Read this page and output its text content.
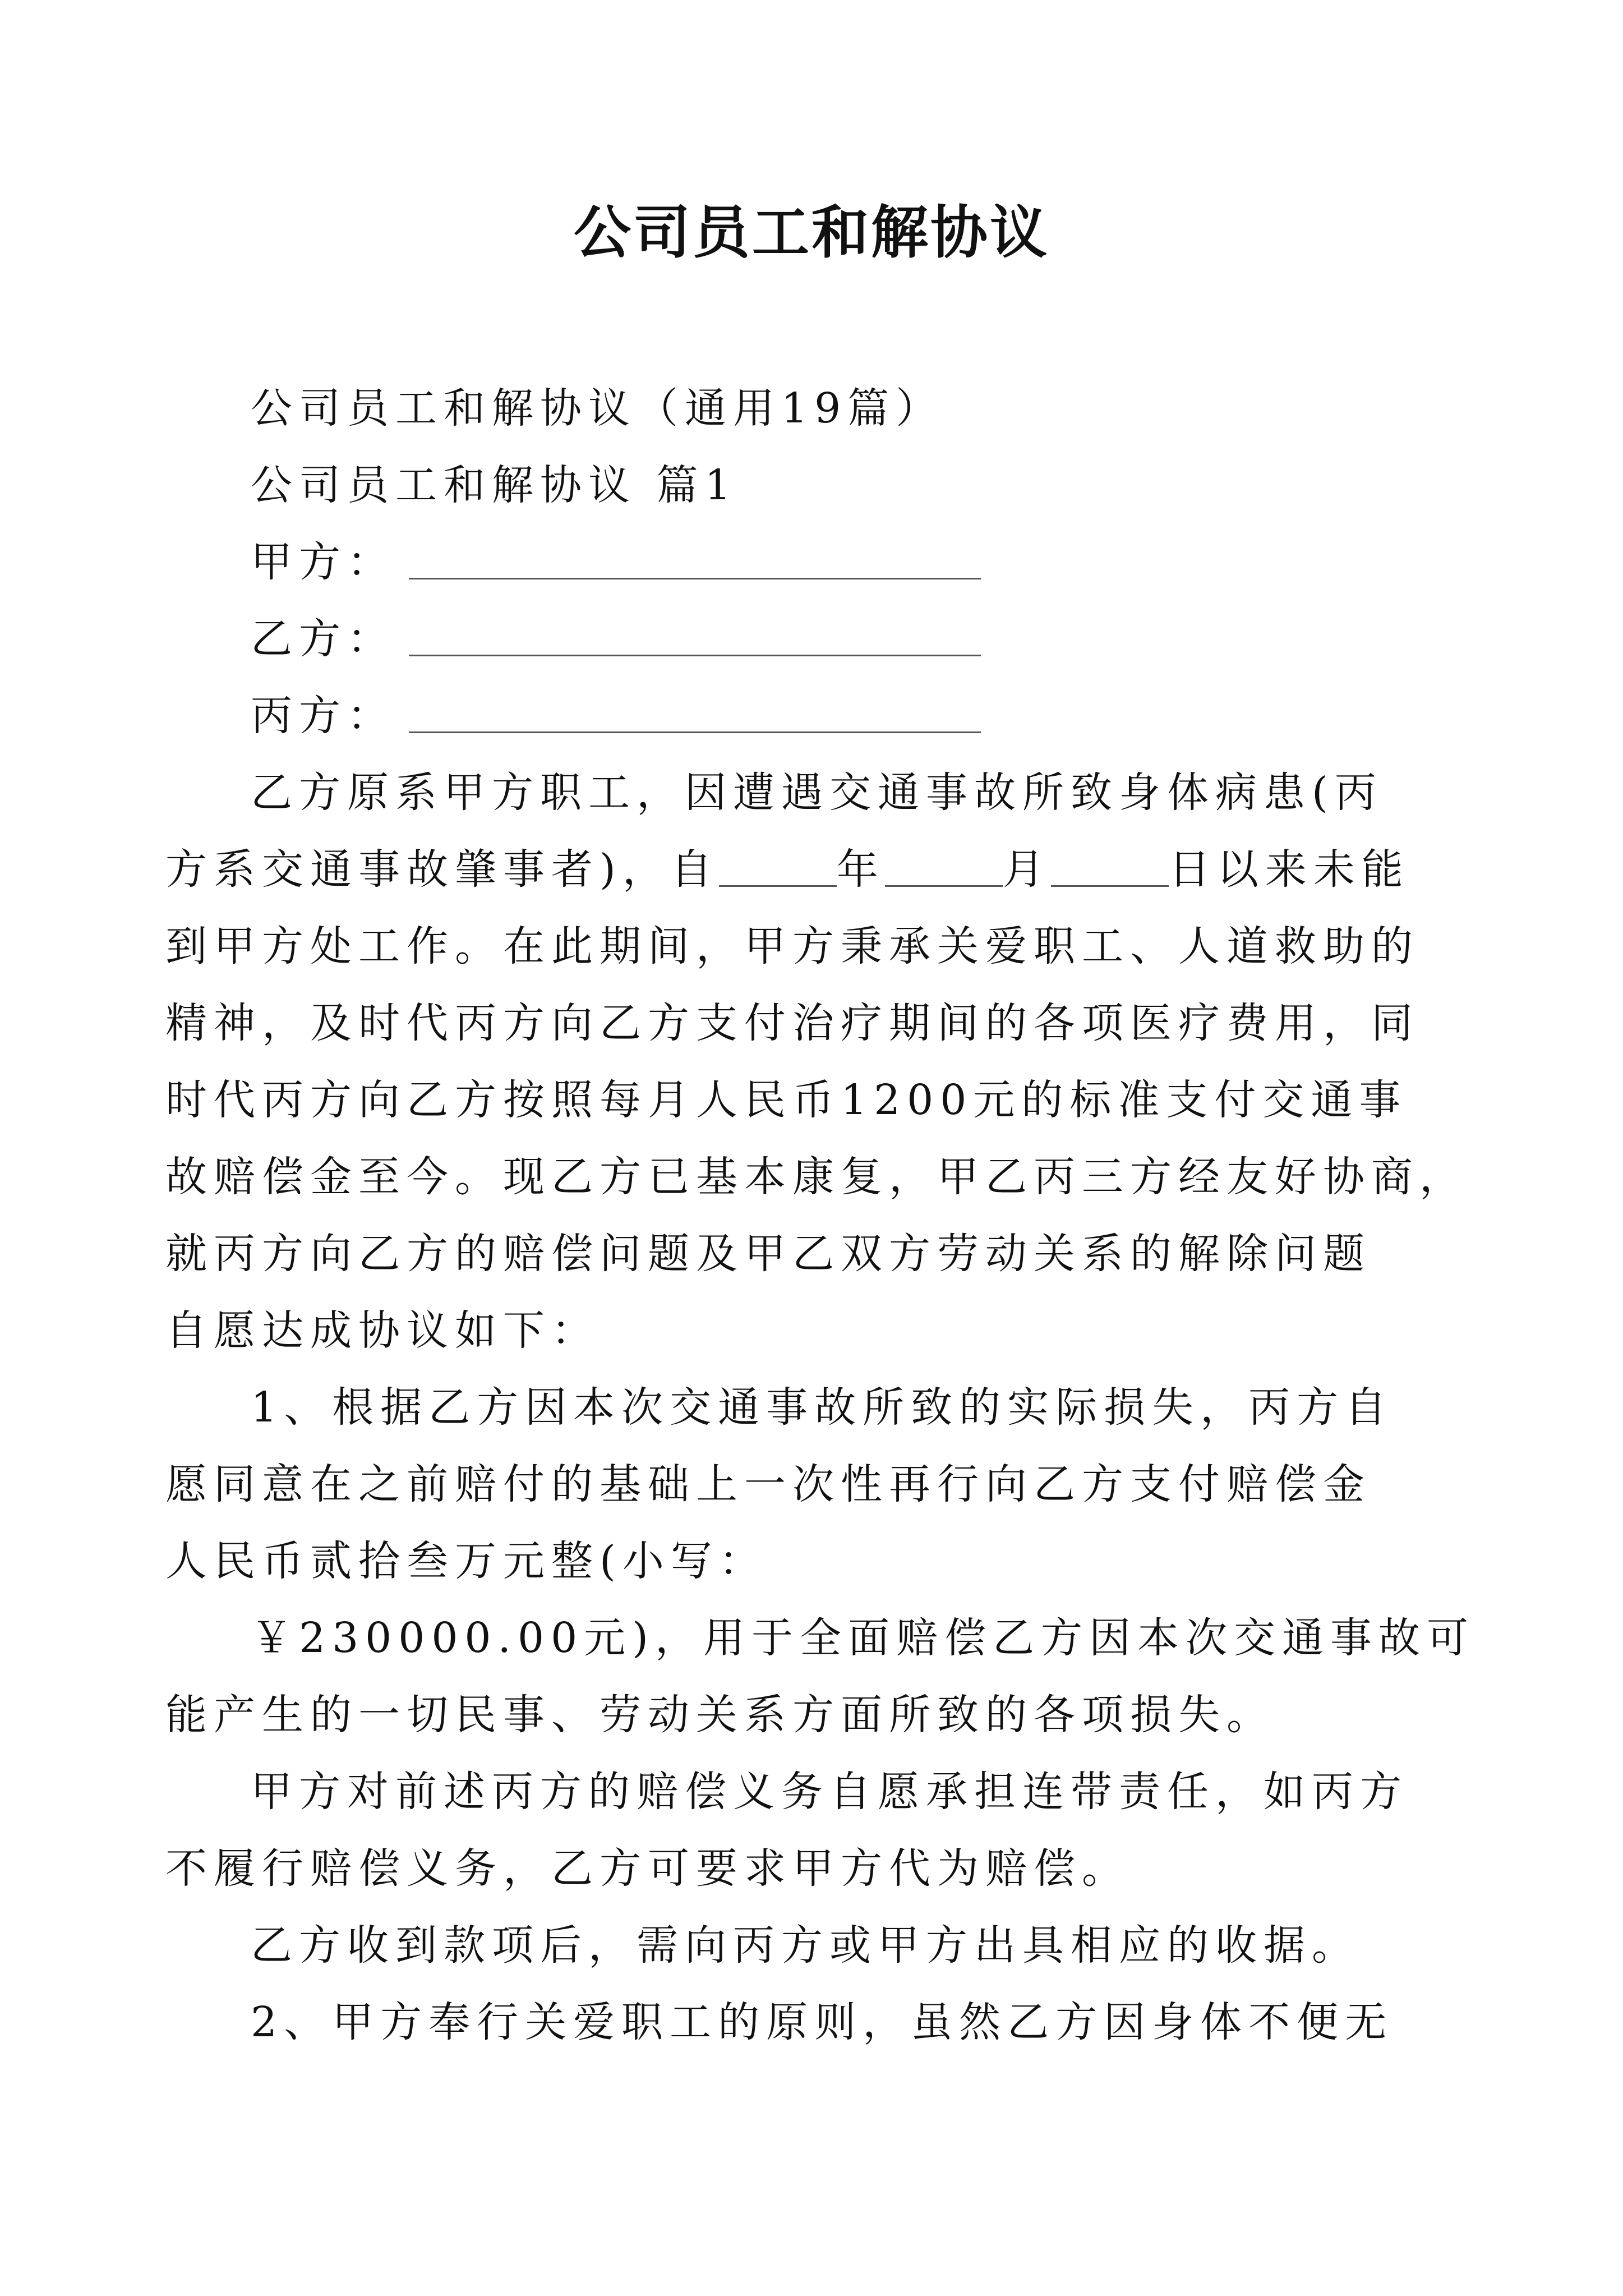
公司员工和解协议
公司员工和解协议（通用19篇）
公司员工和解协议 篇1
甲方：
乙方：
丙方：
乙方原系甲方职工，因遭遇交通事故所致身体病患(丙
方系交通事故肇事者)，自	年	月	日以来未能
到甲方处工作。在此期间，甲方秉承关爱职工、人道救助的
精神，及时代丙方向乙方支付治疗期间的各项医疗费用，同
时代丙方向乙方按照每月人民币1200元的标准支付交通事
故赔偿金至今。现乙方已基本康复，甲乙丙三方经友好协商，
就丙方向乙方的赔偿问题及甲乙双方劳动关系的解除问题
自愿达成协议如下：
1、根据乙方因本次交通事故所致的实际损失，丙方自
愿同意在之前赔付的基础上一次性再行向乙方支付赔偿金
人民币贰拾叁万元整(小写：
￥230000.00元)，用于全面赔偿乙方因本次交通事故可
能产生的一切民事、劳动关系方面所致的各项损失。
甲方对前述丙方的赔偿义务自愿承担连带责任，如丙方
不履行赔偿义务，乙方可要求甲方代为赔偿。
乙方收到款项后，需向丙方或甲方出具相应的收据。
2、甲方奉行关爱职工的原则，虽然乙方因身体不便无
